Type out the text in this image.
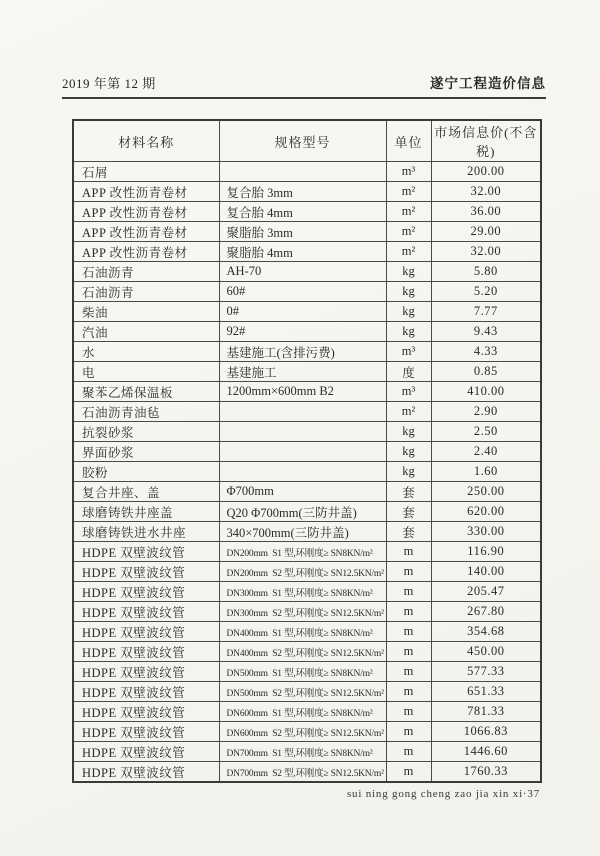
2019 年第 12 期	遂宁工程造价信息
材料名称	规格型号	单位	市场信息价(不含税)
石屑		m³	200.00
APP 改性沥青卷材	复合胎 3mm	m²	32.00
APP 改性沥青卷材	复合胎 4mm	m²	36.00
APP 改性沥青卷材	聚脂胎 3mm	m²	29.00
APP 改性沥青卷材	聚脂胎 4mm	m²	32.00
石油沥青	AH-70	kg	5.80
石油沥青	60#	kg	5.20
柴油	0#	kg	7.77
汽油	92#	kg	9.43
水	基建施工(含排污费)	m³	4.33
电	基建施工	度	0.85
聚苯乙烯保温板	1200mm×600mm B2	m³	410.00
石油沥青油毡		m²	2.90
抗裂砂浆		kg	2.50
界面砂浆		kg	2.40
胶粉		kg	1.60
复合井座、盖	Φ700mm	套	250.00
球磨铸铁井座盖	Q20 Φ700mm(三防井盖)	套	620.00
球磨铸铁进水井座	340×700mm(三防井盖)	套	330.00
HDPE 双壁波纹管	DN200mm  S1 型,环刚度≥ SN8KN/m²	m	116.90
HDPE 双壁波纹管	DN200mm  S2 型,环刚度≥ SN12.5KN/m²	m	140.00
HDPE 双壁波纹管	DN300mm  S1 型,环刚度≥ SN8KN/m²	m	205.47
HDPE 双壁波纹管	DN300mm  S2 型,环刚度≥ SN12.5KN/m²	m	267.80
HDPE 双壁波纹管	DN400mm  S1 型,环刚度≥ SN8KN/m²	m	354.68
HDPE 双壁波纹管	DN400mm  S2 型,环刚度≥ SN12.5KN/m²	m	450.00
HDPE 双壁波纹管	DN500mm  S1 型,环刚度≥ SN8KN/m²	m	577.33
HDPE 双壁波纹管	DN500mm  S2 型,环刚度≥ SN12.5KN/m²	m	651.33
HDPE 双壁波纹管	DN600mm  S1 型,环刚度≥ SN8KN/m²	m	781.33
HDPE 双壁波纹管	DN600mm  S2 型,环刚度≥ SN12.5KN/m²	m	1066.83
HDPE 双壁波纹管	DN700mm  S1 型,环刚度≥ SN8KN/m²	m	1446.60
HDPE 双壁波纹管	DN700mm  S2 型,环刚度≥ SN12.5KN/m²	m	1760.33
sui ning gong cheng zao jia xin xi·37
